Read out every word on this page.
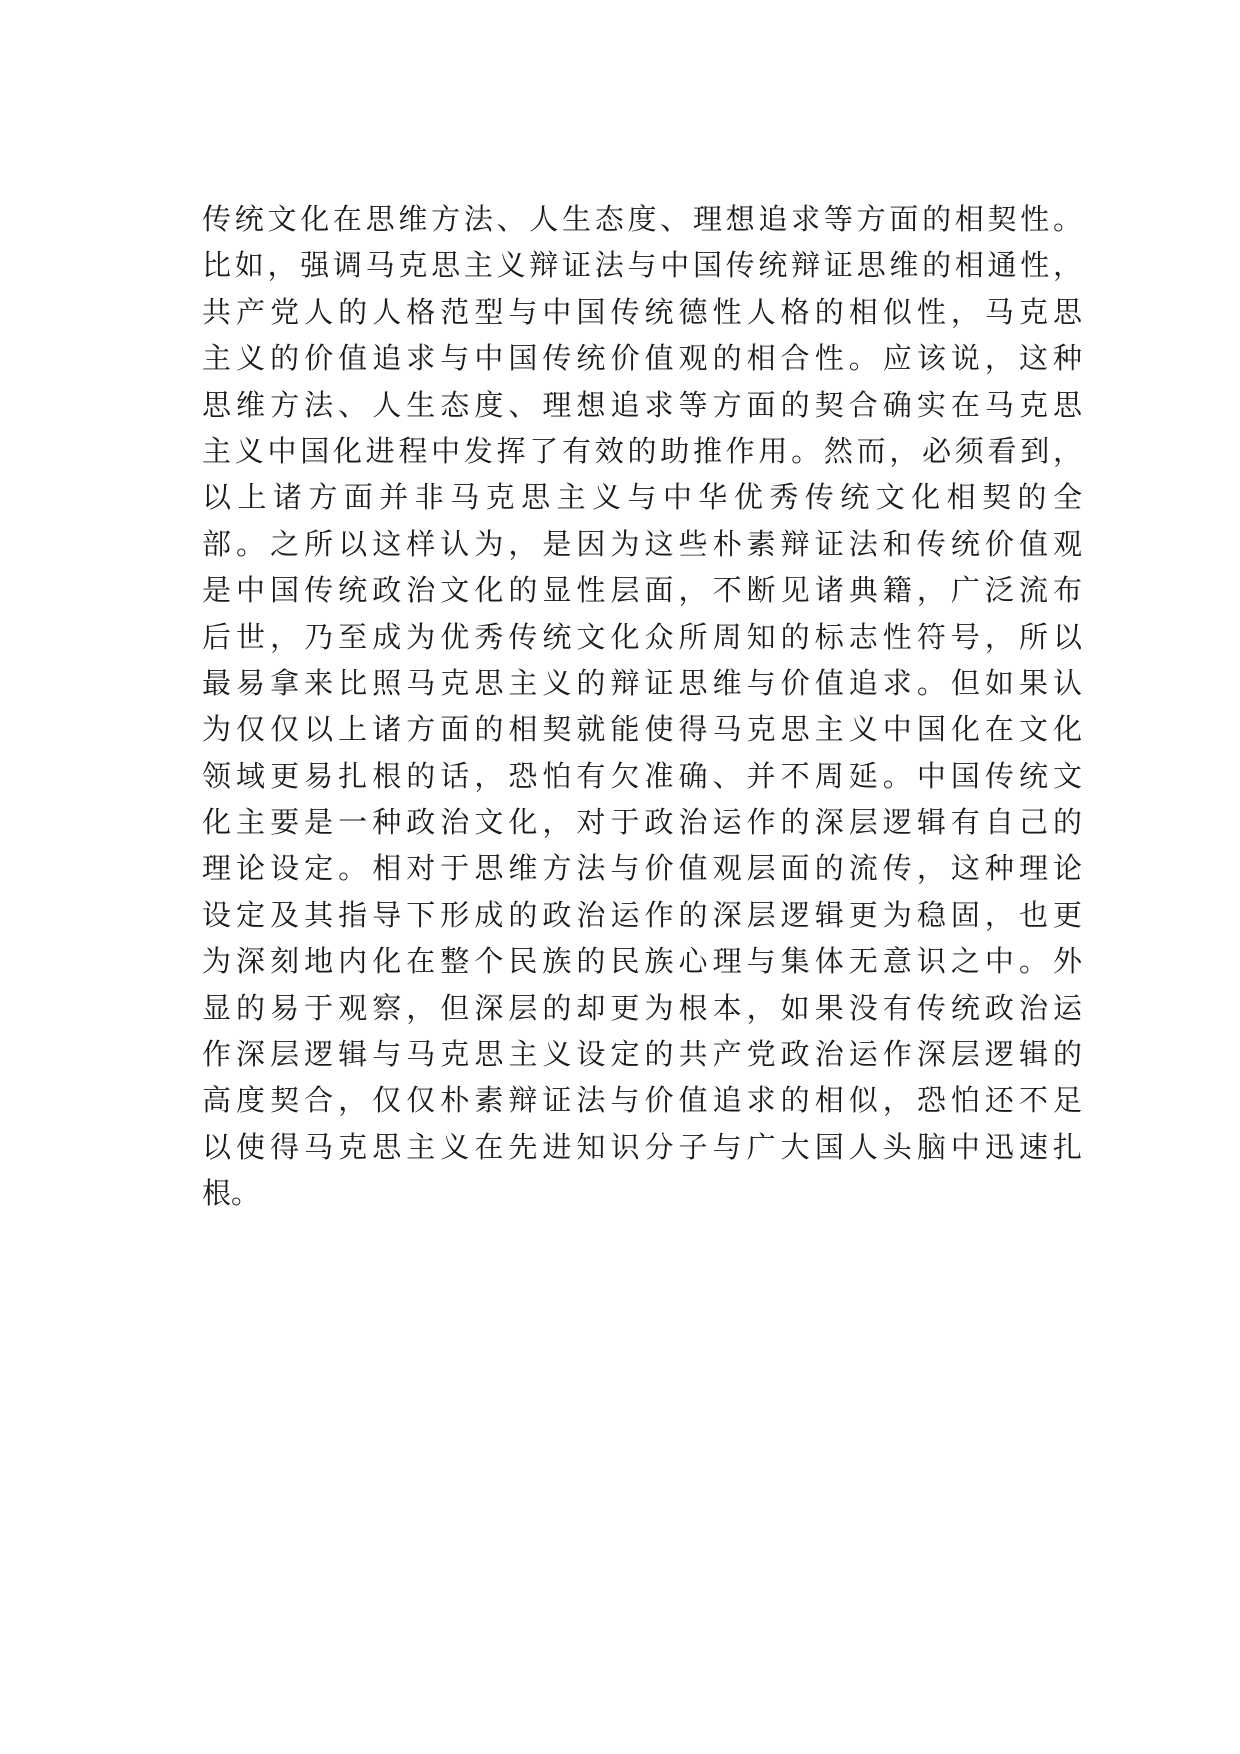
传统文化在思维方法、人生态度、理想追求等方面的相契性。
比如，强调马克思主义辩证法与中国传统辩证思维的相通性，
共产党人的人格范型与中国传统德性人格的相似性，马克思
主义的价值追求与中国传统价值观的相合性。应该说，这种
思维方法、人生态度、理想追求等方面的契合确实在马克思
主义中国化进程中发挥了有效的助推作用。然而，必须看到，
以上诸方面并非马克思主义与中华优秀传统文化相契的全
部。之所以这样认为，是因为这些朴素辩证法和传统价值观
是中国传统政治文化的显性层面，不断见诸典籍，广泛流布
后世，乃至成为优秀传统文化众所周知的标志性符号，所以
最易拿来比照马克思主义的辩证思维与价值追求。但如果认
为仅仅以上诸方面的相契就能使得马克思主义中国化在文化
领域更易扎根的话，恐怕有欠准确、并不周延。中国传统文
化主要是一种政治文化，对于政治运作的深层逻辑有自己的
理论设定。相对于思维方法与价值观层面的流传，这种理论
设定及其指导下形成的政治运作的深层逻辑更为稳固，也更
为深刻地内化在整个民族的民族心理与集体无意识之中。外
显的易于观察，但深层的却更为根本，如果没有传统政治运
作深层逻辑与马克思主义设定的共产党政治运作深层逻辑的
高度契合，仅仅朴素辩证法与价值追求的相似，恐怕还不足
以使得马克思主义在先进知识分子与广大国人头脑中迅速扎
根。
